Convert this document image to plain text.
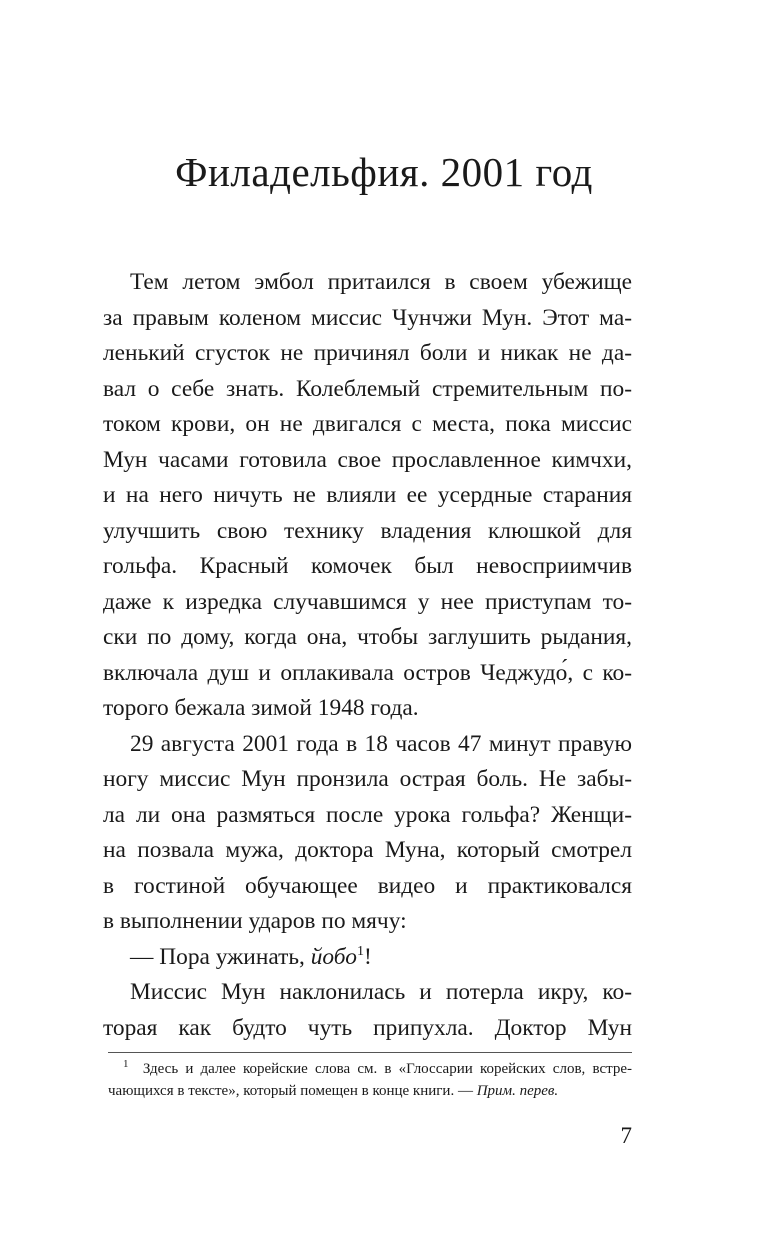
Филадельфия. 2001 год
Тем летом эмбол притаился в своем убежище
за правым коленом миссис Чунчжи Мун. Этот ма-
ленький сгусток не причинял боли и никак не да-
вал о себе знать. Колеблемый стремительным по-
током крови, он не двигался с места, пока миссис
Мун часами готовила свое прославленное кимчхи,
и на него ничуть не влияли ее усердные старания
улучшить свою технику владения клюшкой для
гольфа. Красный комочек был невосприимчив
даже к изредка случавшимся у нее приступам то-
ски по дому, когда она, чтобы заглушить рыдания,
включала душ и оплакивала остров Чеджудо́, с ко-
торого бежала зимой 1948 года.
29 августа 2001 года в 18 часов 47 минут правую
ногу миссис Мун пронзила острая боль. Не забы-
ла ли она размяться после урока гольфа? Женщи-
на позвала мужа, доктора Муна, который смотрел
в гостиной обучающее видео и практиковался
в выполнении ударов по мячу:
— Пора ужинать, йобо$^1$!
Миссис Мун наклонилась и потерла икру, ко-
торая как будто чуть припухла. Доктор Мун
$^1$ Здесь и далее корейские слова см. в «Глоссарии корейских слов, встре-
чающихся в тексте», который помещен в конце книги. — Прим. перев.
7
